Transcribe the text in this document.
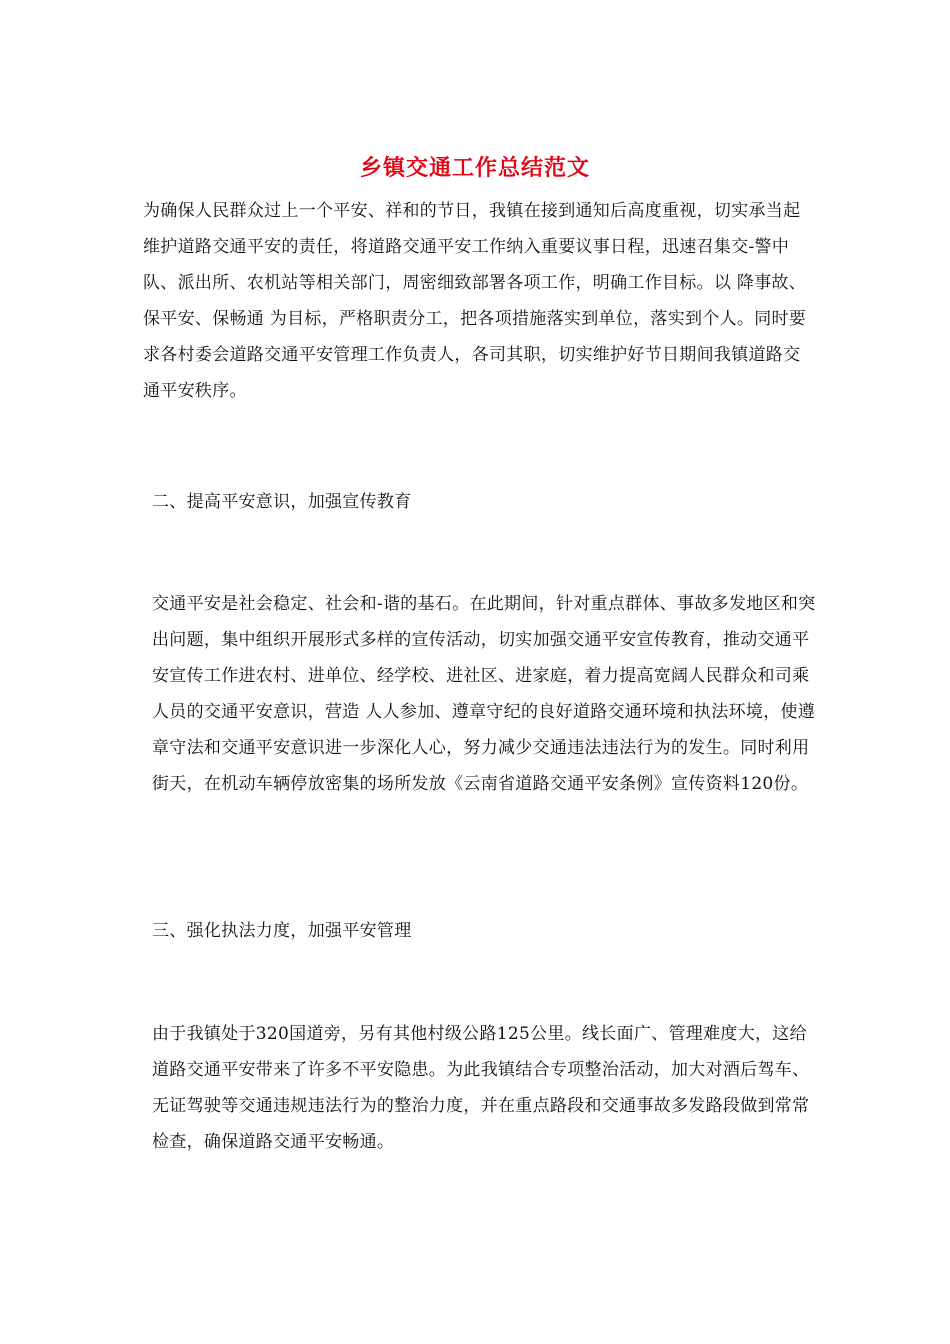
乡镇交通工作总结范文

为确保人民群众过上一个平安、祥和的节日，我镇在接到通知后高度重视，切实承当起维护道路交通平安的责任，将道路交通平安工作纳入重要议事日程，迅速召集交-警中队、派出所、农机站等相关部门，周密细致部署各项工作，明确工作目标。以 降事故、保平安、保畅通 为目标，严格职责分工，把各项措施落实到单位，落实到个人。同时要求各村委会道路交通平安管理工作负责人，各司其职，切实维护好节日期间我镇道路交通平安秩序。

二、提高平安意识，加强宣传教育

交通平安是社会稳定、社会和-谐的基石。在此期间，针对重点群体、事故多发地区和突出问题，集中组织开展形式多样的宣传活动，切实加强交通平安宣传教育，推动交通平安宣传工作进农村、进单位、经学校、进社区、进家庭，着力提高宽阔人民群众和司乘人员的交通平安意识，营造 人人参加、遵章守纪的良好道路交通环境和执法环境，使遵章守法和交通平安意识进一步深化人心，努力减少交通违法违法行为的发生。同时利用街天，在机动车辆停放密集的场所发放《云南省道路交通平安条例》宣传资料120份。

三、强化执法力度，加强平安管理

由于我镇处于320国道旁，另有其他村级公路125公里。线长面广、管理难度大，这给道路交通平安带来了许多不平安隐患。为此我镇结合专项整治活动，加大对酒后驾车、无证驾驶等交通违规违法行为的整治力度，并在重点路段和交通事故多发路段做到常常检查，确保道路交通平安畅通。
